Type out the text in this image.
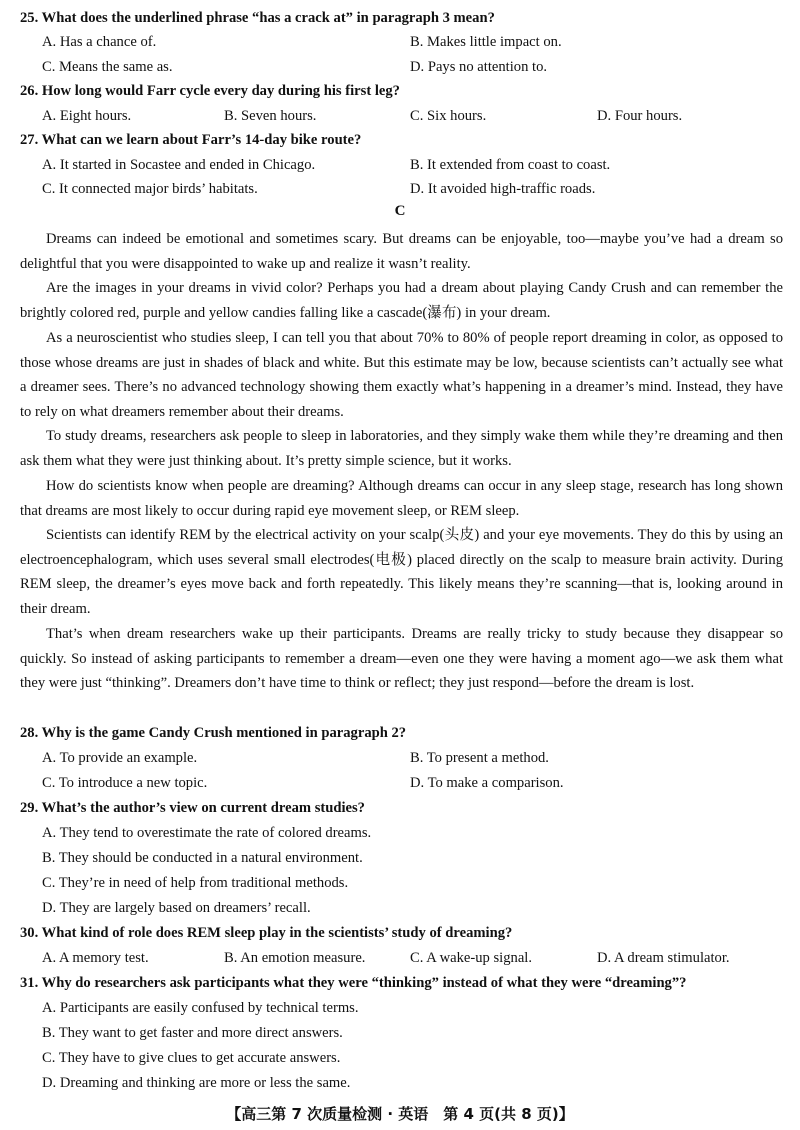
25. What does the underlined phrase “has a crack at” in paragraph 3 mean?
A. Has a chance of.	B. Makes little impact on.
C. Means the same as.	D. Pays no attention to.
26. How long would Farr cycle every day during his first leg?
A. Eight hours.	B. Seven hours.	C. Six hours.	D. Four hours.
27. What can we learn about Farr’s 14-day bike route?
A. It started in Socastee and ended in Chicago.	B. It extended from coast to coast.
C. It connected major birds’ habitats.	D. It avoided high-traffic roads.
C
Dreams can indeed be emotional and sometimes scary. But dreams can be enjoyable, too—maybe you’ve had a dream so delightful that you were disappointed to wake up and realize it wasn’t reality.
Are the images in your dreams in vivid color? Perhaps you had a dream about playing Candy Crush and can remember the brightly colored red, purple and yellow candies falling like a cascade(瀑布) in your dream.
As a neuroscientist who studies sleep, I can tell you that about 70% to 80% of people report dreaming in color, as opposed to those whose dreams are just in shades of black and white. But this estimate may be low, because scientists can’t actually see what a dreamer sees. There’s no advanced technology showing them exactly what’s happening in a dreamer’s mind. Instead, they have to rely on what dreamers remember about their dreams.
To study dreams, researchers ask people to sleep in laboratories, and they simply wake them while they’re dreaming and then ask them what they were just thinking about. It’s pretty simple science, but it works.
How do scientists know when people are dreaming? Although dreams can occur in any sleep stage, research has long shown that dreams are most likely to occur during rapid eye movement sleep, or REM sleep.
Scientists can identify REM by the electrical activity on your scalp(头皮) and your eye movements. They do this by using an electroencephalogram, which uses several small electrodes(电极) placed directly on the scalp to measure brain activity. During REM sleep, the dreamer’s eyes move back and forth repeatedly. This likely means they’re scanning—that is, looking around in their dream.
That’s when dream researchers wake up their participants. Dreams are really tricky to study because they disappear so quickly. So instead of asking participants to remember a dream—even one they were having a moment ago—we ask them what they were just “thinking”. Dreamers don’t have time to think or reflect; they just respond—before the dream is lost.
28. Why is the game Candy Crush mentioned in paragraph 2?
A. To provide an example.	B. To present a method.
C. To introduce a new topic.	D. To make a comparison.
29. What’s the author’s view on current dream studies?
A. They tend to overestimate the rate of colored dreams.
B. They should be conducted in a natural environment.
C. They’re in need of help from traditional methods.
D. They are largely based on dreamers’ recall.
30. What kind of role does REM sleep play in the scientists’ study of dreaming?
A. A memory test.	B. An emotion measure.	C. A wake-up signal.	D. A dream stimulator.
31. Why do researchers ask participants what they were “thinking” instead of what they were “dreaming”?
A. Participants are easily confused by technical terms.
B. They want to get faster and more direct answers.
C. They have to give clues to get accurate answers.
D. Dreaming and thinking are more or less the same.
【高三第 7 次质量检测 · 英语　第 4 页(共 8 页)】
